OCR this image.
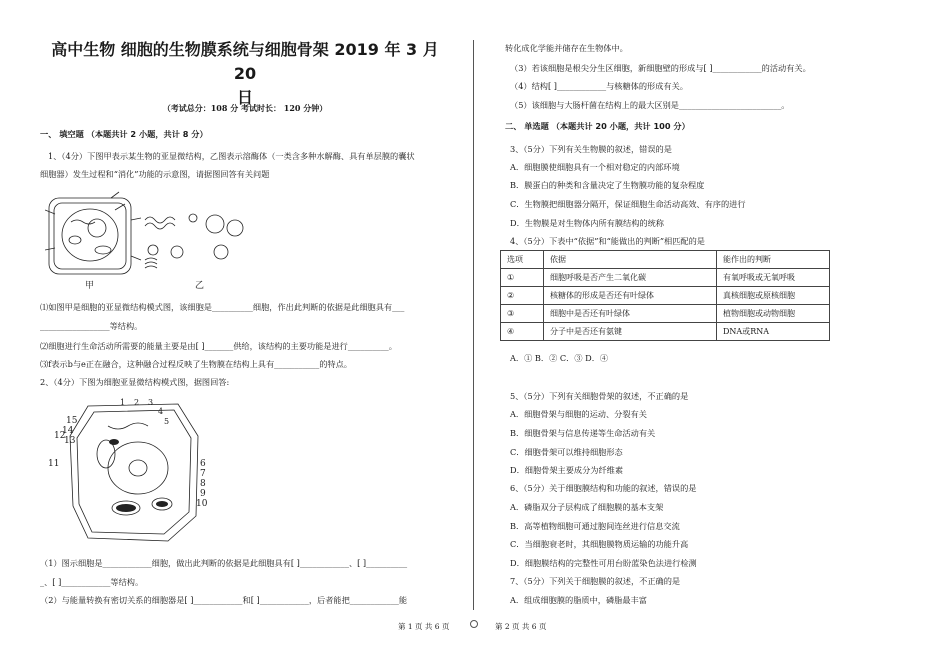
高中生物 细胞的生物膜系统与细胞骨架 2019 年 3 月 20
日
（考试总分：108 分 考试时长： 120 分钟）
一、 填空题 （本题共计 2 小题，共计 8 分）
1、（4分）下图甲表示某生物的亚显微结构，乙图表示溶酶体（一类含多种水解酶、具有单层膜的囊状
细胞器）发生过程和“消化”功能的示意图，请据图回答有关问题
甲	乙
⑴如图甲是细胞的亚显微结构模式图，该细胞是__________细胞，作出此判断的依据是此细胞具有___
_________________等结构。
⑵细胞进行生命活动所需要的能量主要是由[ ]_______供给，该结构的主要功能是进行__________。
⑶f表示b与e正在融合，这种融合过程反映了生物膜在结构上具有___________的特点。
2、（4分）下图为细胞亚显微结构模式图，据图回答:
15
14
13
12
11
1 2 3
4
5
6
7
8
9
10
（1）图示细胞是____________细胞，做出此判断的依据是此细胞具有[ ]____________、[ ]__________
_、[ ]____________等结构。
（2）与能量转换有密切关系的细胞器是[ ]____________和[ ]____________，后者能把____________能
转化成化学能并储存在生物体中。
（3）若该细胞是根尖分生区细胞，新细胞壁的形成与[ ]____________的活动有关。
（4）结构[ ]____________与核糖体的形成有关。
（5）该细胞与大肠杆菌在结构上的最大区别是_________________________。
二、 单选题 （本题共计 20 小题，共计 100 分）
3、（5分）下列有关生物膜的叙述，错误的是
A．细胞膜使细胞具有一个相对稳定的内部环境
B．膜蛋白的种类和含量决定了生物膜功能的复杂程度
C．生物膜把细胞器分隔开，保证细胞生命活动高效、有序的进行
D．生物膜是对生物体内所有膜结构的统称
4、（5分）下表中“依据”和“能做出的判断”相匹配的是
选项	依据	能作出的判断
①	细胞呼吸是否产生二氧化碳	有氧呼吸或无氧呼吸
②	核糖体的形成是否还有叶绿体	真核细胞或原核细胞
③	细胞中是否还有叶绿体	植物细胞或动物细胞
④	分子中是否还有氨键	DNA或RNA
A．① B．② C．③ D．④
5、（5分）下列有关细胞骨架的叙述，不正确的是
A．细胞骨架与细胞的运动、分裂有关
B．细胞骨架与信息传递等生命活动有关
C．细胞骨架可以维持细胞形态
D．细胞骨架主要成分为纤维素
6、（5分）关于细胞膜结构和功能的叙述，错误的是
A．磷脂双分子层构成了细胞膜的基本支架
B．高等植物细胞可通过胞间连丝进行信息交流
C．当细胞衰老时，其细胞膜物质运输的功能升高
D．细胞膜结构的完整性可用台盼蓝染色法进行检测
7、（5分）下列关于细胞膜的叙述，不正确的是
A．组成细胞膜的脂质中，磷脂最丰富
第 1 页 共 6 页	第 2 页 共 6 页
